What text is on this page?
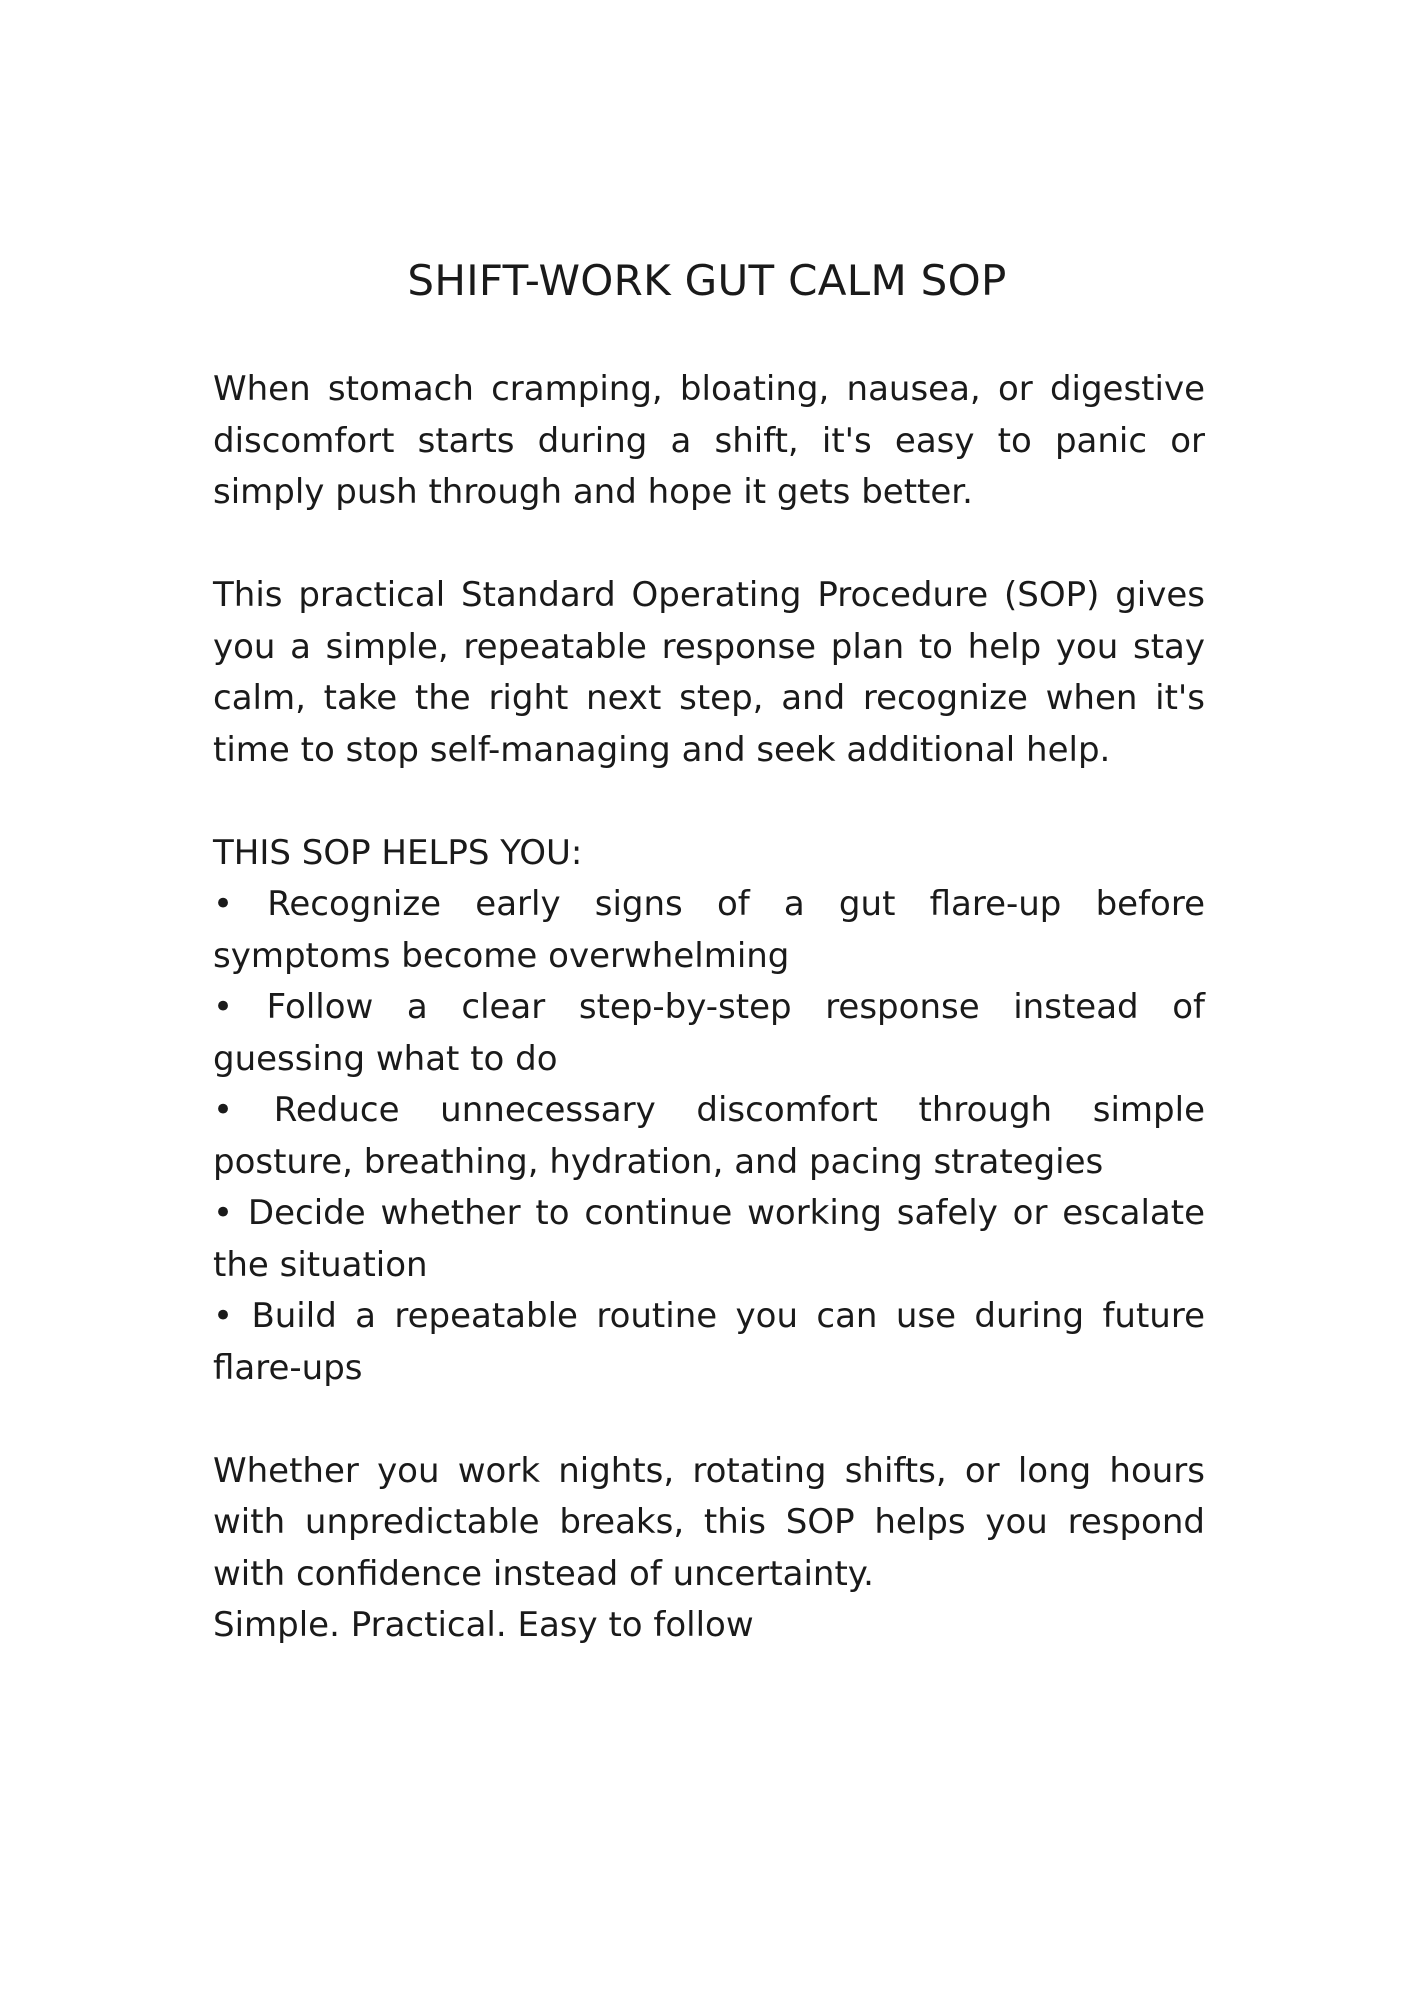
SHIFT-WORK GUT CALM SOP

When stomach cramping, bloating, nausea, or digestive discomfort starts during a shift, it's easy to panic or simply push through and hope it gets better.

This practical Standard Operating Procedure (SOP) gives you a simple, repeatable response plan to help you stay calm, take the right next step, and recognize when it's time to stop self-managing and seek additional help.

THIS SOP HELPS YOU:

• Recognize early signs of a gut flare-up before symptoms become overwhelming
• Follow a clear step-by-step response instead of guessing what to do
• Reduce unnecessary discomfort through simple posture, breathing, hydration, and pacing strategies
• Decide whether to continue working safely or escalate the situation
• Build a repeatable routine you can use during future flare-ups

Whether you work nights, rotating shifts, or long hours with unpredictable breaks, this SOP helps you respond with confidence instead of uncertainty.

Simple. Practical. Easy to follow
